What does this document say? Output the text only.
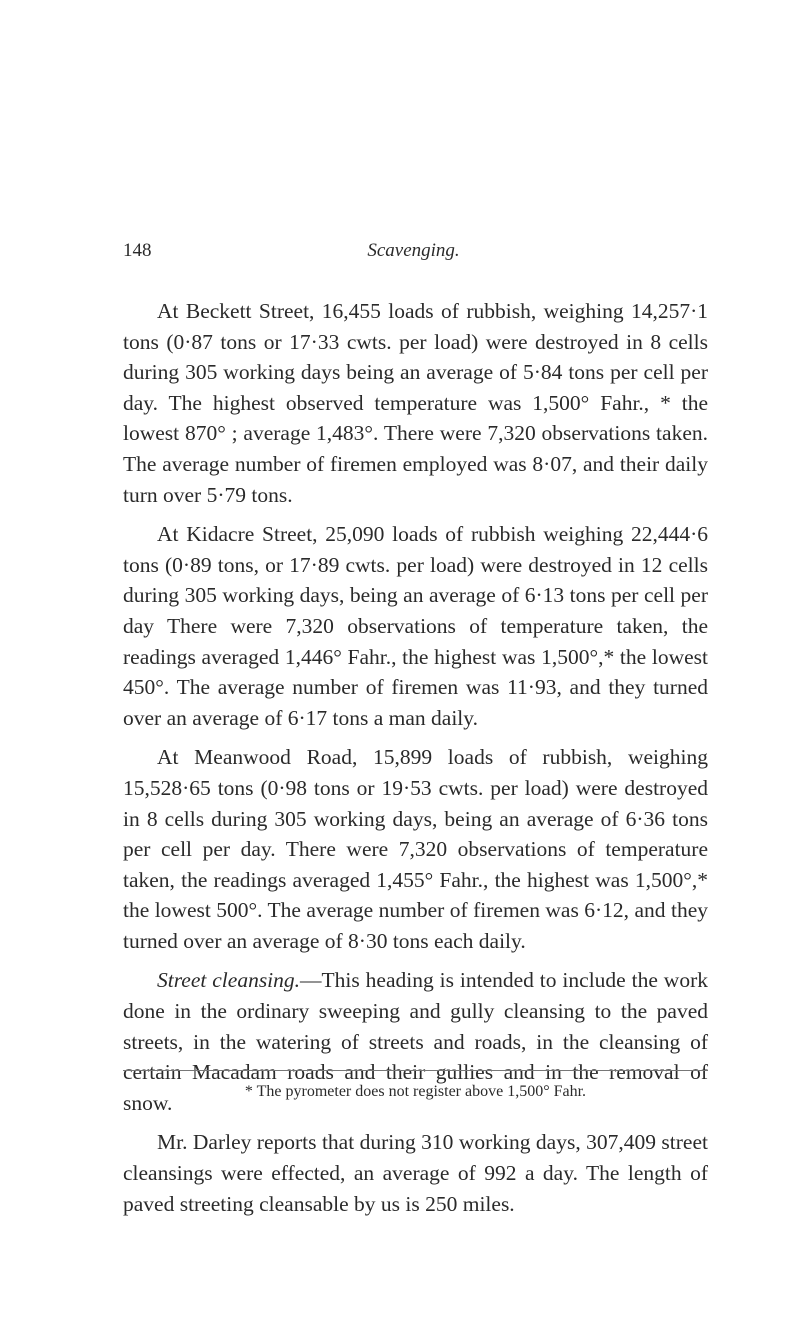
148	Scavenging.

At Beckett Street, 16,455 loads of rubbish, weighing 14,257·1 tons (0·87 tons or 17·33 cwts. per load) were destroyed in 8 cells during 305 working days being an average of 5·84 tons per cell per day. The highest observed temperature was 1,500° Fahr., * the lowest 870° ; average 1,483°. There were 7,320 observations taken. The average number of firemen employed was 8·07, and their daily turn over 5·79 tons.

At Kidacre Street, 25,090 loads of rubbish weighing 22,444·6 tons (0·89 tons, or 17·89 cwts. per load) were destroyed in 12 cells during 305 working days, being an average of 6·13 tons per cell per day There were 7,320 observations of temperature taken, the readings averaged 1,446° Fahr., the highest was 1,500°,* the lowest 450°. The average number of firemen was 11·93, and they turned over an average of 6·17 tons a man daily.

At Meanwood Road, 15,899 loads of rubbish, weighing 15,528·65 tons (0·98 tons or 19·53 cwts. per load) were destroyed in 8 cells during 305 working days, being an average of 6·36 tons per cell per day. There were 7,320 observations of temperature taken, the readings averaged 1,455° Fahr., the highest was 1,500°,* the lowest 500°. The average number of firemen was 6·12, and they turned over an average of 8·30 tons each daily.

Street cleansing.—This heading is intended to include the work done in the ordinary sweeping and gully cleansing to the paved streets, in the watering of streets and roads, in the cleansing of certain Macadam roads and their gullies and in the removal of snow.

Mr. Darley reports that during 310 working days, 307,409 street cleansings were effected, an average of 992 a day. The length of paved streeting cleansable by us is 250 miles.

* The pyrometer does not register above 1,500° Fahr.
